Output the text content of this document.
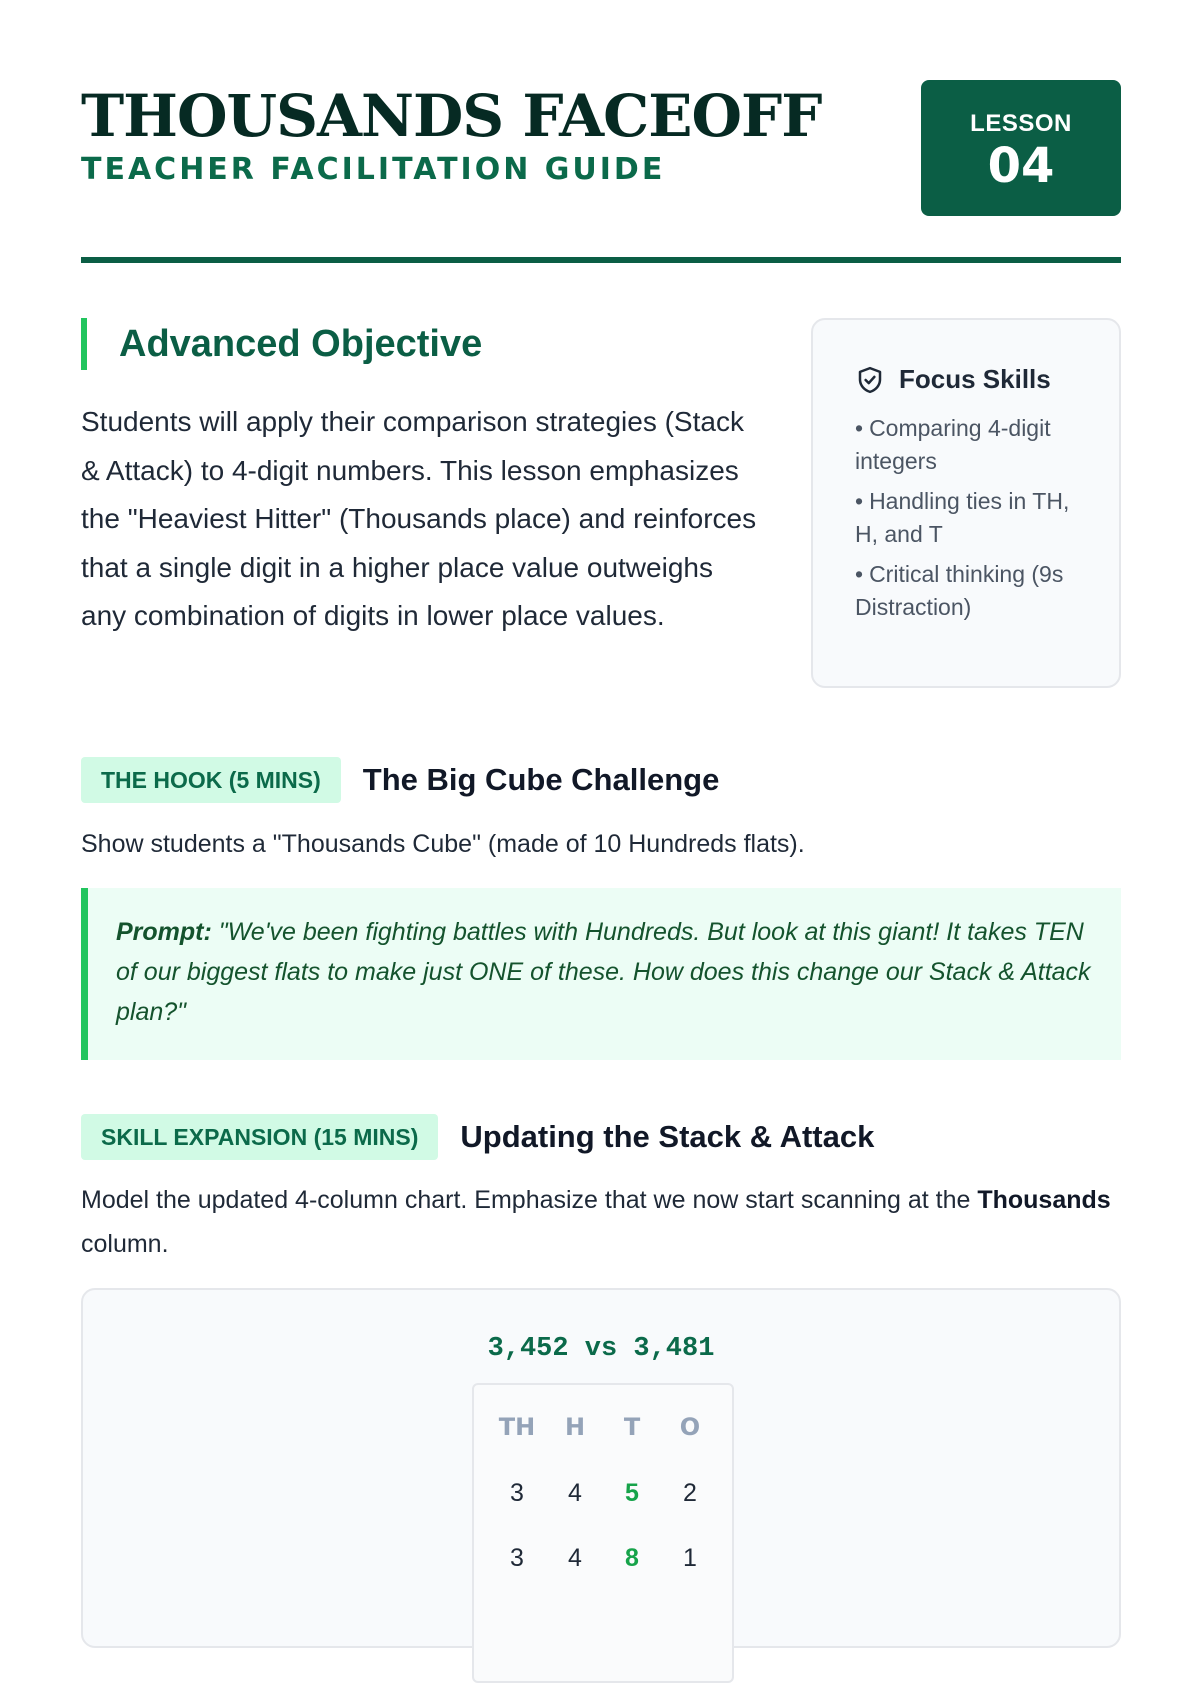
THOUSANDS FACEOFF
TEACHER FACILITATION GUIDE
LESSON
04
Advanced Objective

Students will apply their comparison strategies (Stack & Attack) to 4-digit numbers. This lesson emphasizes the "Heaviest Hitter" (Thousands place) and reinforces that a single digit in a higher place value outweighs any combination of digits in lower place values.

Focus Skills
• Comparing 4-digit integers
• Handling ties in TH, H, and T
• Critical thinking (9s Distraction)
THE HOOK (5 MINS)	The Big Cube Challenge

Show students a "Thousands Cube" (made of 10 Hundreds flats).

Prompt: "We've been fighting battles with Hundreds. But look at this giant! It takes TEN of our biggest flats to make just ONE of these. How does this change our Stack & Attack plan?"

SKILL EXPANSION (15 MINS)	Updating the Stack & Attack

Model the updated 4-column chart. Emphasize that we now start scanning at the Thousands column.

3,452 vs 3,481
TH	H	T	O
3	4	5	2
3	4	8	1
